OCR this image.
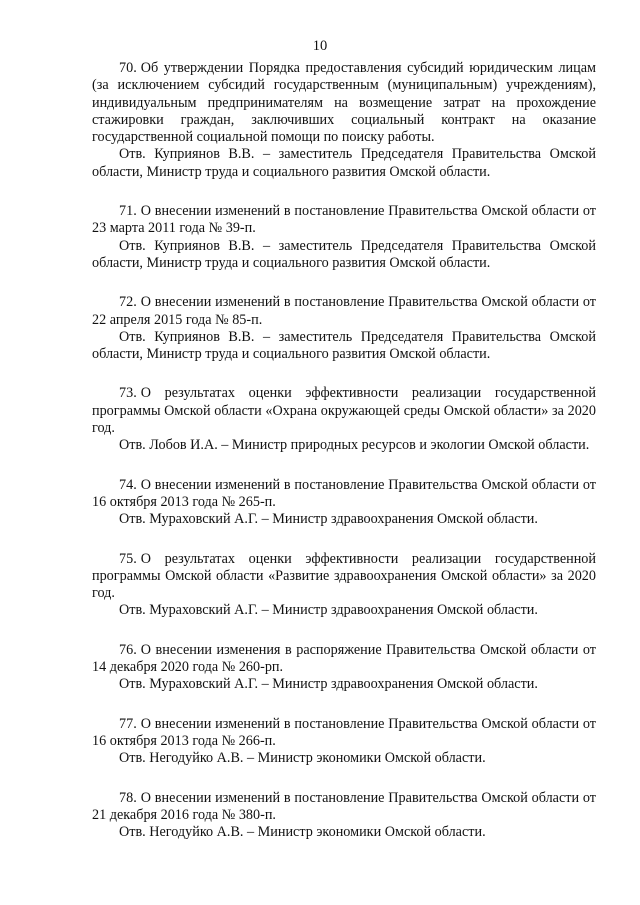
10

70. Об утверждении Порядка предоставления субсидий юридическим лицам (за исключением субсидий государственным (муниципальным) учреждениям), индивидуальным предпринимателям на возмещение затрат на прохождение стажировки граждан, заключивших социальный контракт на оказание государственной социальной помощи по поиску работы.

Отв. Куприянов В.В. – заместитель Председателя Правительства Омской области, Министр труда и социального развития Омской области.

71. О внесении изменений в постановление Правительства Омской области от 23 марта 2011 года № 39-п.

Отв. Куприянов В.В. – заместитель Председателя Правительства Омской области, Министр труда и социального развития Омской области.

72. О внесении изменений в постановление Правительства Омской области от 22 апреля 2015 года № 85-п.

Отв. Куприянов В.В. – заместитель Председателя Правительства Омской области, Министр труда и социального развития Омской области.

73. О результатах оценки эффективности реализации государственной программы Омской области «Охрана окружающей среды Омской области» за 2020 год.

Отв. Лобов И.А. – Министр природных ресурсов и экологии Омской области.

74. О внесении изменений в постановление Правительства Омской области от 16 октября 2013 года № 265-п.

Отв. Мураховский А.Г. – Министр здравоохранения Омской области.

75. О результатах оценки эффективности реализации государственной программы Омской области «Развитие здравоохранения Омской области» за 2020 год.

Отв. Мураховский А.Г. – Министр здравоохранения Омской области.

76. О внесении изменения в распоряжение Правительства Омской области от 14 декабря 2020 года № 260-рп.

Отв. Мураховский А.Г. – Министр здравоохранения Омской области.

77. О внесении изменений в постановление Правительства Омской области от 16 октября 2013 года № 266-п.

Отв. Негодуйко А.В. – Министр экономики Омской области.

78. О внесении изменений в постановление Правительства Омской области от 21 декабря 2016 года № 380-п.

Отв. Негодуйко А.В. – Министр экономики Омской области.
